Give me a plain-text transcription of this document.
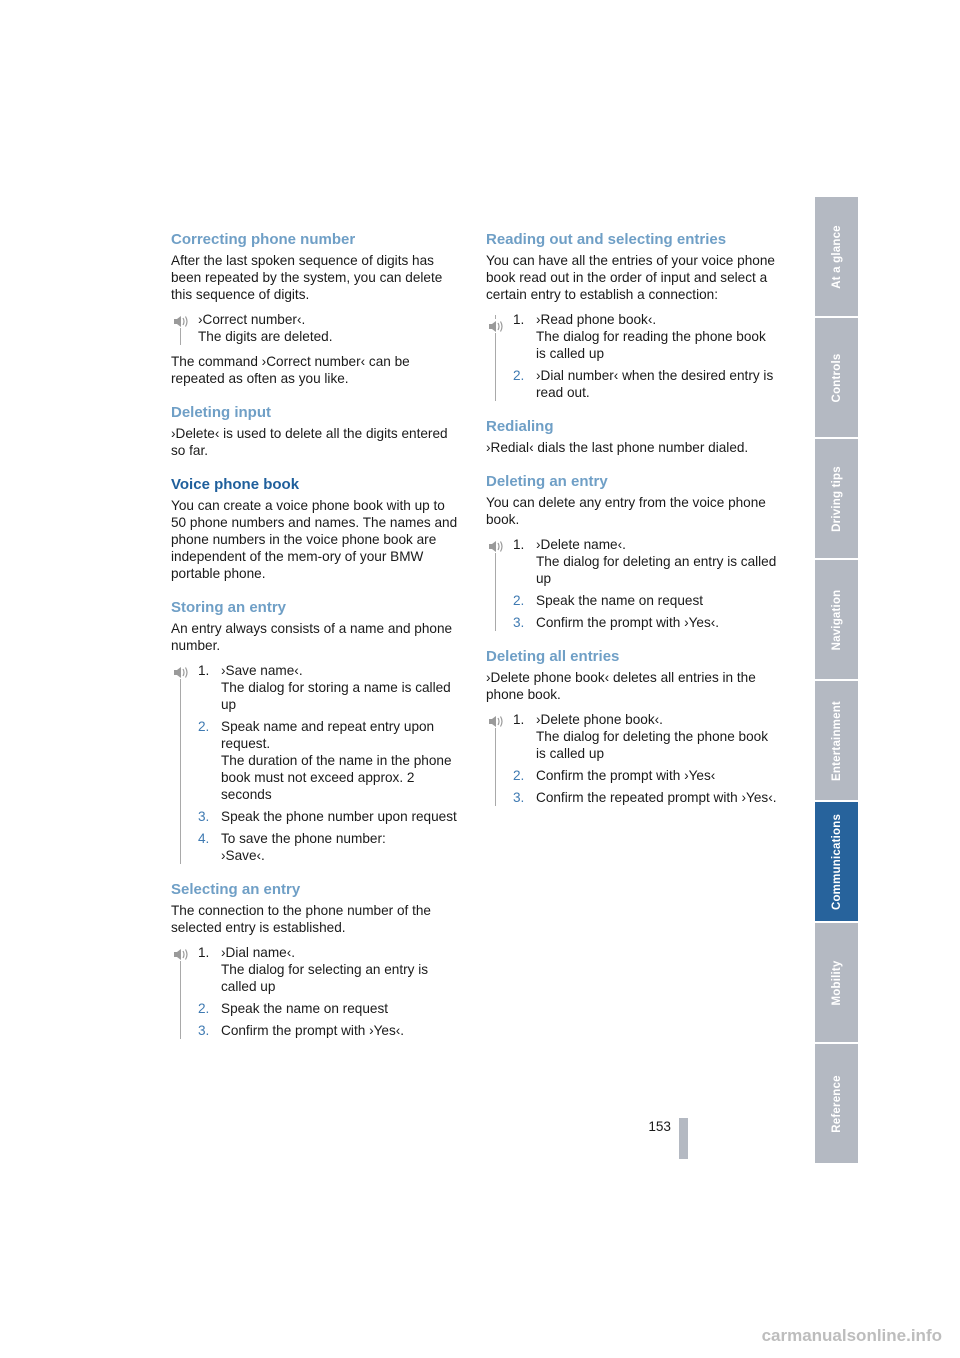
Correcting phone number

After the last spoken sequence of digits has been repeated by the system, you can delete this sequence of digits.

›Correct number‹.

The digits are deleted.

The command ›Correct number‹ can be repeated as often as you like.

Deleting input

›Delete‹ is used to delete all the digits entered so far.

Voice phone book

You can create a voice phone book with up to 50 phone numbers and names. The names and phone numbers in the voice phone book are independent of the mem-ory of your BMW portable phone.

Storing an entry

An entry always consists of a name and phone number.

1. ›Save name‹.
The dialog for storing a name is called up
2. Speak name and repeat entry upon request.
The duration of the name in the phone book must not exceed approx. 2 seconds
3. Speak the phone number upon request
4. To save the phone number:
›Save‹.
Selecting an entry

The connection to the phone number of the selected entry is established.

1. ›Dial name‹.
The dialog for selecting an entry is called up
2. Speak the name on request
3. Confirm the prompt with ›Yes‹.
Reading out and selecting entries

You can have all the entries of your voice phone book read out in the order of input and select a certain entry to establish a connection:

1. ›Read phone book‹.
The dialog for reading the phone book is called up
2. ›Dial number‹ when the desired entry is read out.
Redialing

›Redial‹ dials the last phone number dialed.

Deleting an entry

You can delete any entry from the voice phone book.

1. ›Delete name‹.
The dialog for deleting an entry is called up
2. Speak the name on request
3. Confirm the prompt with ›Yes‹.
Deleting all entries

›Delete phone book‹ deletes all entries in the phone book.

1. ›Delete phone book‹.
The dialog for deleting the phone book is called up
2. Confirm the prompt with ›Yes‹
3. Confirm the repeated prompt with ›Yes‹.
At a glance
Controls
Driving tips
Navigation
Entertainment
Communications
Mobility
Reference
153
carmanualsonline.info
